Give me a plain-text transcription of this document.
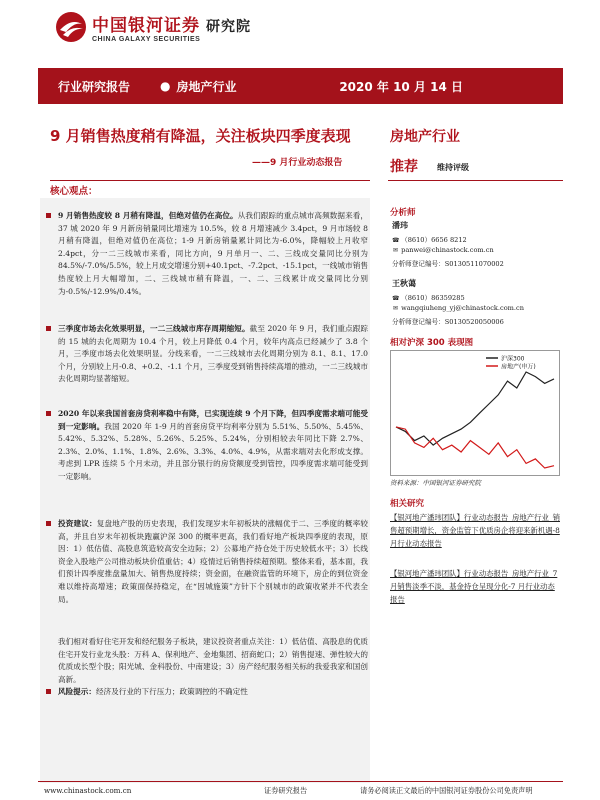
中国银河证券 研究院
CHINA GALAXY SECURITIES
行业研究报告	● 房地产行业	2020 年 10 月 14 日
9 月销售热度稍有降温，关注板块四季度表现
——9 月行业动态报告
房地产行业
推荐 维持评级
核心观点：
9 月销售热度较 8 月稍有降温，但绝对值仍在高位。从我们跟踪的重点城市高频数据来看，37 城 2020 年 9 月新房销量同比增速为 10.5%，较 8 月增速减少 3.4pct，9 月市场较 8 月稍有降温，但绝对值仍在高位；1-9 月新房销量累计同比为-6.0%，降幅较上月收窄 2.4pct，分一二三线城市来看，同比方向，9 月单月一、二、三线成交量同比分别为 84.5%/-7.0%/5.5%，较上月成交增速分别+40.1pct、-7.2pct、-15.1pct，一线城市销售热度较上月大幅增加，二、三线城市稍有降温，一、二、三线累计成交量同比分别为-0.5%/-12.9%/0.4%。
三季度市场去化效果明显，一二三线城市库存周期缩短。截至 2020 年 9 月，我们重点跟踪的 15 城的去化周期为 10.4 个月，较上月降低 0.4 个月，较年内高点已经减少了 3.8 个月，三季度市场去化效果明显。分线来看，一二三线城市去化周期分别为 8.1、8.1、17.0 个月，分别较上月-0.8、+0.2、-1.1 个月，三季度受到销售持续高增的推动，一二三线城市去化周期均显著缩短。
2020 年以来我国首套房贷利率稳中有降，已实现连续 9 个月下降，但四季度需求端可能受到一定影响。我国 2020 年 1-9 月的首套房贷平均利率分别为 5.51%、5.50%、5.45%、5.42%、5.32%、5.28%、5.26%、5.25%、5.24%，分别相较去年同比下降 2.7%、2.3%、2.0%、1.1%、1.8%、2.6%、3.3%、4.0%、4.9%，从需求端对去化形成支撑。考虑到 LPR 连续 5 个月未动，并且部分银行的房贷额度受到管控，四季度需求端可能受到一定影响。
投资建议：复盘地产股的历史表现，我们发现岁末年初板块的涨幅优于二、三季度的概率较高，并且自岁末年初板块跑赢沪深 300 的概率更高，我们看好地产板块四季度的表现，原因：1）低估值、高股息筑造较高安全边际；2）公募地产持仓处于历史较低水平；3）长线资金入股地产公司推动板块价值重估；4）疫情过后销售持续超预期。整体来看，基本面，我们预计四季度推盘量加大、销售热度持续；资金面，在融资监管的环境下，房企的到位资金难以维持高增速；政策面保持稳定，在“因城施策”方针下个别城市的政策收紧并不代表全局。
我们相对看好住宅开发和经纪服务子板块，建议投资者重点关注：1）低估值、高股息的优质住宅开发行业龙头股：万科 A、保利地产、金地集团、招商蛇口；2）销售提速、弹性较大的优质成长型个股；阳光城、金科股份、中南建设；3）房产经纪服务相关标的我爱我家和国创高新。
风险提示：经济及行业的下行压力；政策调控的不确定性
分析师
潘玮
☎ （8610）6656 8212
✉ panwei@chinastock.com.cn
分析师登记编号：S0130511070002
王秋蔼
☎ （8610）86359285
✉ wangqiuheng_yj@chinastock.com.cn
分析师登记编号：S0130520050006
相对沪深 300 表现图
沪深300
房地产(申万)
资料来源：中国银河证券研究院
相关研究
【银河地产潘玮团队】行业动态报告_房地产行业_销售超预期增长，资金监管下优质房企将迎来新机遇-8 月行业动态报告
【银河地产潘玮团队】行业动态报告_房地产行业_7 月销售淡季不淡，基金持仓呈现分化-7 月行业动态报告
www.chinastock.com.cn	证券研究报告	请务必阅读正文最后的中国银河证券股份公司免责声明
